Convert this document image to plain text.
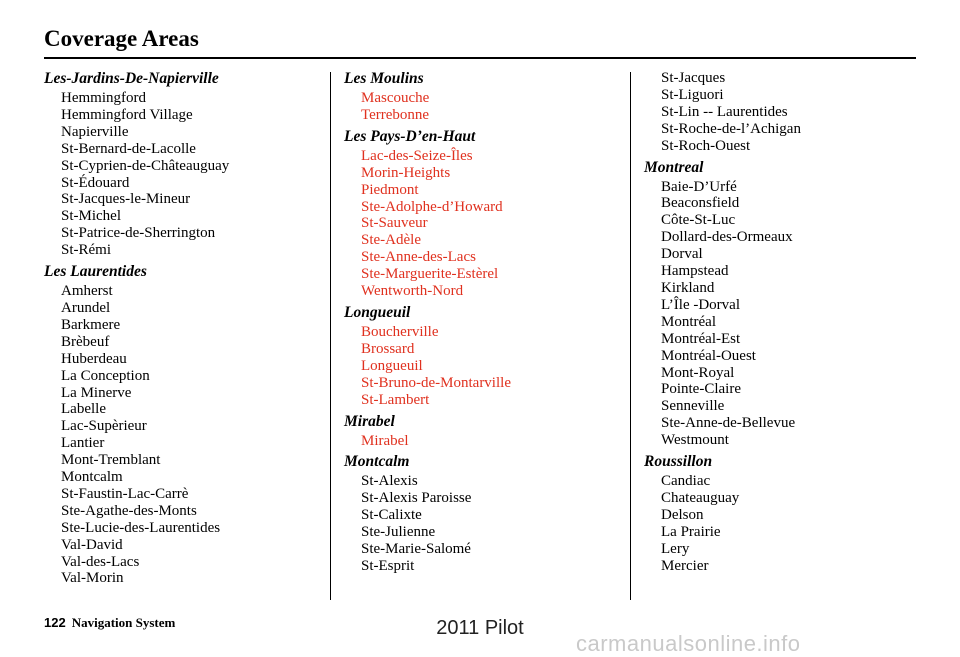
Coverage Areas
Les-Jardins-De-Napierville
Hemmingford
Hemmingford Village
Napierville
St-Bernard-de-Lacolle
St-Cyprien-de-Châteauguay
St-Édouard
St-Jacques-le-Mineur
St-Michel
St-Patrice-de-Sherrington
St-Rémi
Les Laurentides
Amherst
Arundel
Barkmere
Brèbeuf
Huberdeau
La Conception
La Minerve
Labelle
Lac-Supèrieur
Lantier
Mont-Tremblant
Montcalm
St-Faustin-Lac-Carrè
Ste-Agathe-des-Monts
Ste-Lucie-des-Laurentides
Val-David
Val-des-Lacs
Val-Morin
Les Moulins
Mascouche
Terrebonne
Les Pays-D’en-Haut
Lac-des-Seize-Îles
Morin-Heights
Piedmont
Ste-Adolphe-d’Howard
St-Sauveur
Ste-Adèle
Ste-Anne-des-Lacs
Ste-Marguerite-Estèrel
Wentworth-Nord
Longueuil
Boucherville
Brossard
Longueuil
St-Bruno-de-Montarville
St-Lambert
Mirabel
Mirabel
Montcalm
St-Alexis
St-Alexis Paroisse
St-Calixte
Ste-Julienne
Ste-Marie-Salomé
St-Esprit
St-Jacques
St-Liguori
St-Lin -- Laurentides
St-Roche-de-l’Achigan
St-Roch-Ouest
Montreal
Baie-D’Urfé
Beaconsfield
Côte-St-Luc
Dollard-des-Ormeaux
Dorval
Hampstead
Kirkland
L’Île -Dorval
Montréal
Montréal-Est
Montréal-Ouest
Mont-Royal
Pointe-Claire
Senneville
Ste-Anne-de-Bellevue
Westmount
Roussillon
Candiac
Chateauguay
Delson
La Prairie
Lery
Mercier
122 Navigation System	2011 Pilot
carmanualsonline.info
